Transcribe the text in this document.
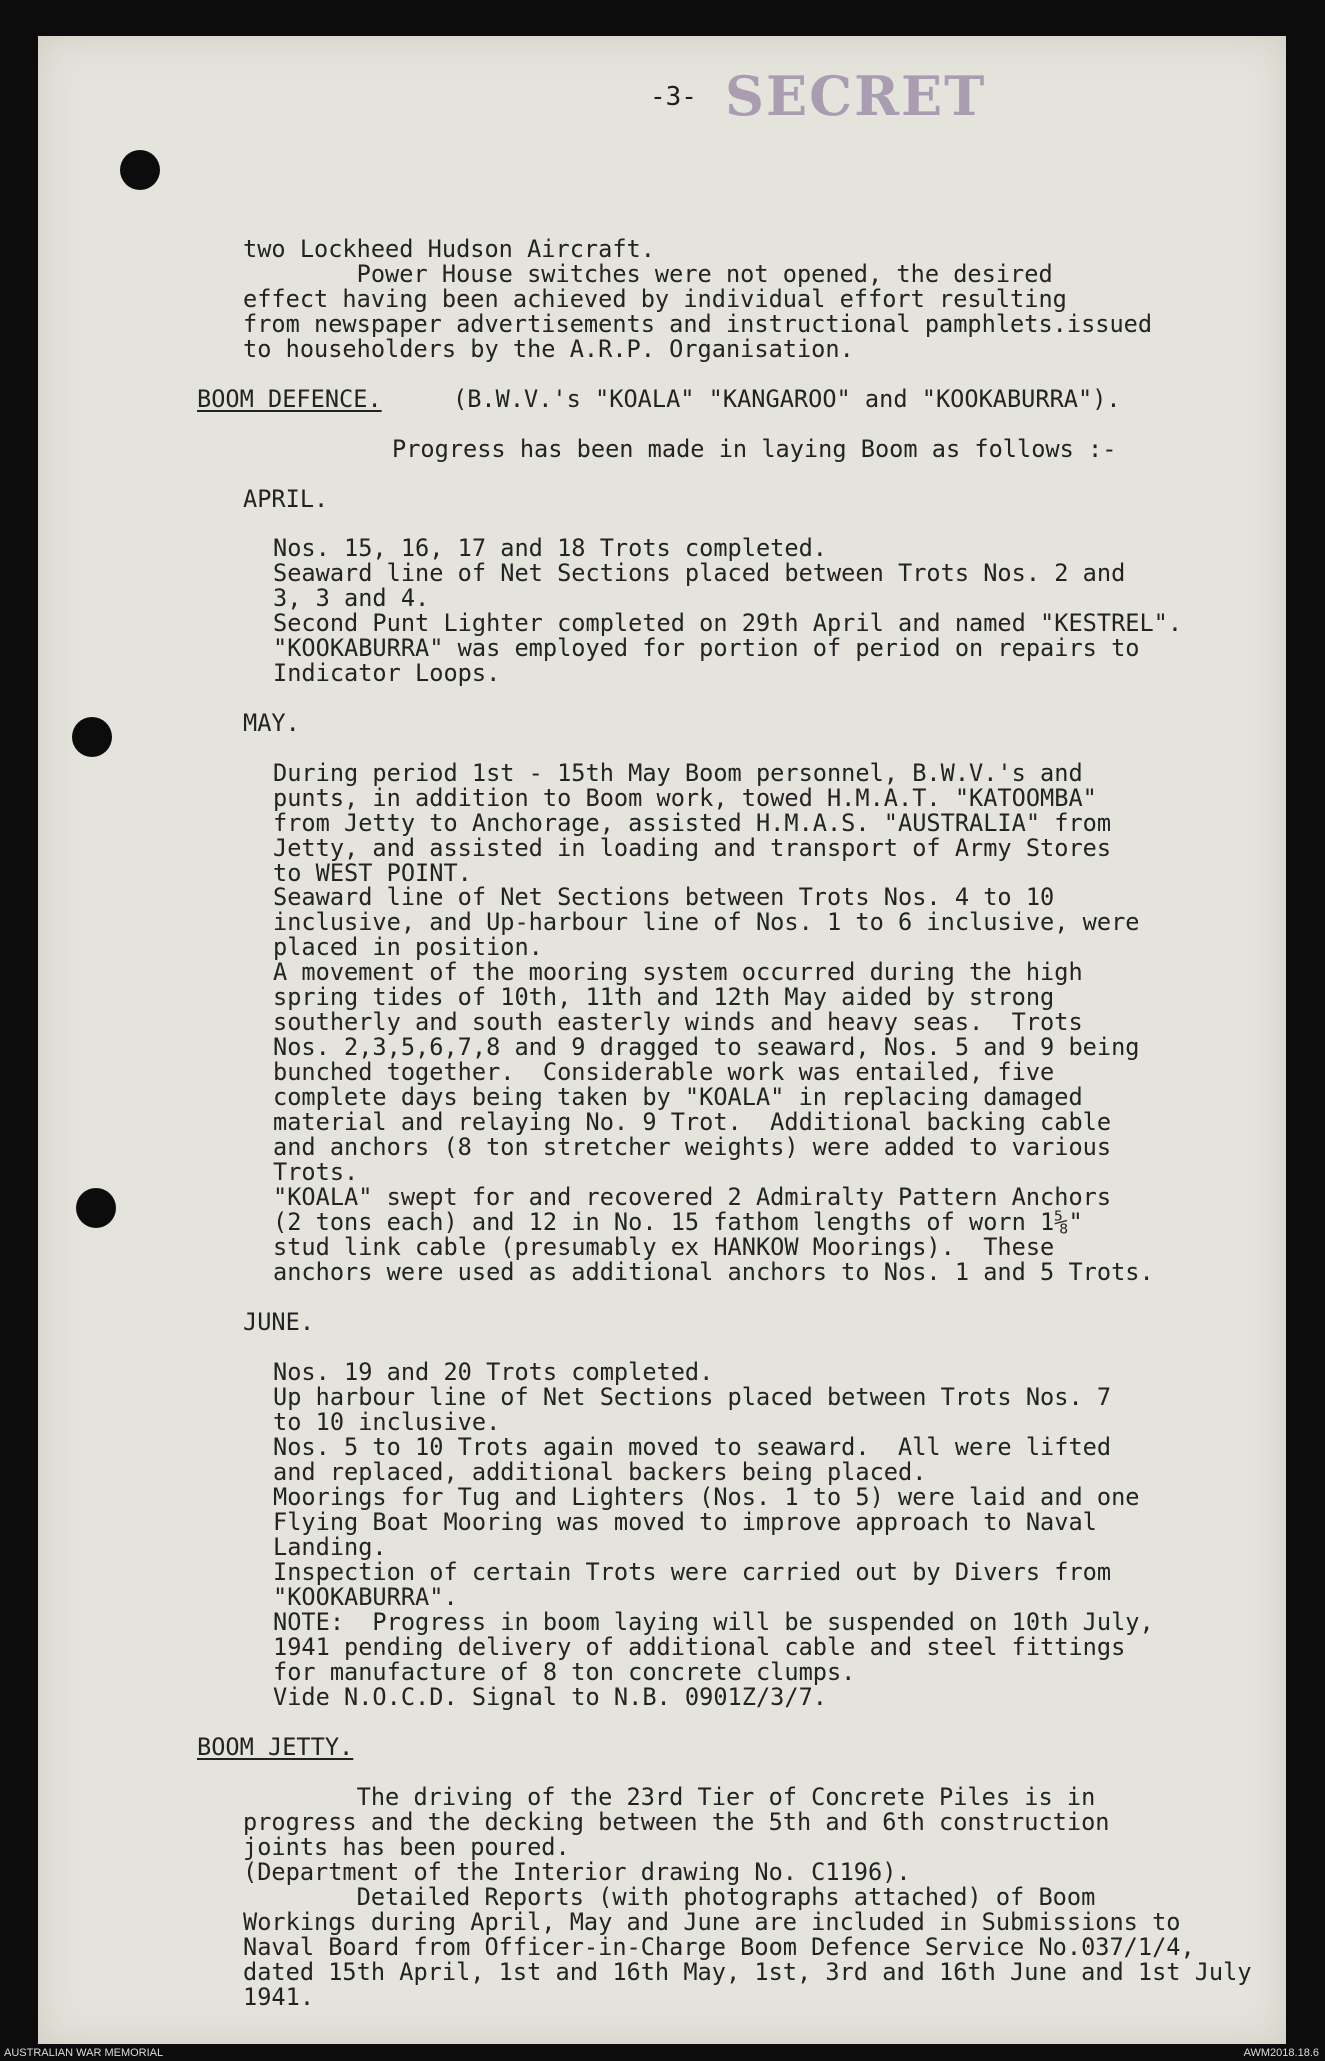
-3- SECRET
two Lockheed Hudson Aircraft.
Power House switches were not opened, the desired
effect having been achieved by individual effort resulting
from newspaper advertisements and instructional pamphlets.issued
to householders by the A.R.P. Organisation.
BOOM DEFENCE.	(B.W.V.'s "KOALA" "KANGAROO" and "KOOKABURRA").
Progress has been made in laying Boom as follows :-
APRIL.
Nos. 15, 16, 17 and 18 Trots completed.
Seaward line of Net Sections placed between Trots Nos. 2 and
3, 3 and 4.
Second Punt Lighter completed on 29th April and named "KESTREL".
"KOOKABURRA" was employed for portion of period on repairs to
Indicator Loops.
MAY.
During period 1st - 15th May Boom personnel, B.W.V.'s and
punts, in addition to Boom work, towed H.M.A.T. "KATOOMBA"
from Jetty to Anchorage, assisted H.M.A.S. "AUSTRALIA" from
Jetty, and assisted in loading and transport of Army Stores
to WEST POINT.
Seaward line of Net Sections between Trots Nos. 4 to 10
inclusive, and Up-harbour line of Nos. 1 to 6 inclusive, were
placed in position.
A movement of the mooring system occurred during the high
spring tides of 10th, 11th and 12th May aided by strong
southerly and south easterly winds and heavy seas.  Trots
Nos. 2,3,5,6,7,8 and 9 dragged to seaward, Nos. 5 and 9 being
bunched together.  Considerable work was entailed, five
complete days being taken by "KOALA" in replacing damaged
material and relaying No. 9 Trot.  Additional backing cable
and anchors (8 ton stretcher weights) were added to various
Trots.
"KOALA" swept for and recovered 2 Admiralty Pattern Anchors
(2 tons each) and 12 in No. 15 fathom lengths of worn 1⅝"
stud link cable (presumably ex HANKOW Moorings).  These
anchors were used as additional anchors to Nos. 1 and 5 Trots.
JUNE.
Nos. 19 and 20 Trots completed.
Up harbour line of Net Sections placed between Trots Nos. 7
to 10 inclusive.
Nos. 5 to 10 Trots again moved to seaward.  All were lifted
and replaced, additional backers being placed.
Moorings for Tug and Lighters (Nos. 1 to 5) were laid and one
Flying Boat Mooring was moved to improve approach to Naval
Landing.
Inspection of certain Trots were carried out by Divers from
"KOOKABURRA".
NOTE:  Progress in boom laying will be suspended on 10th July,
1941 pending delivery of additional cable and steel fittings
for manufacture of 8 ton concrete clumps.
Vide N.O.C.D. Signal to N.B. 0901Z/3/7.
BOOM JETTY.
The driving of the 23rd Tier of Concrete Piles is in
progress and the decking between the 5th and 6th construction
joints has been poured.
(Department of the Interior drawing No. C1196).
Detailed Reports (with photographs attached) of Boom
Workings during April, May and June are included in Submissions to
Naval Board from Officer-in-Charge Boom Defence Service No.037/1/4,
dated 15th April, 1st and 16th May, 1st, 3rd and 16th June and 1st July
1941.
AUSTRALIAN WAR MEMORIAL	AWM2018.18.6
